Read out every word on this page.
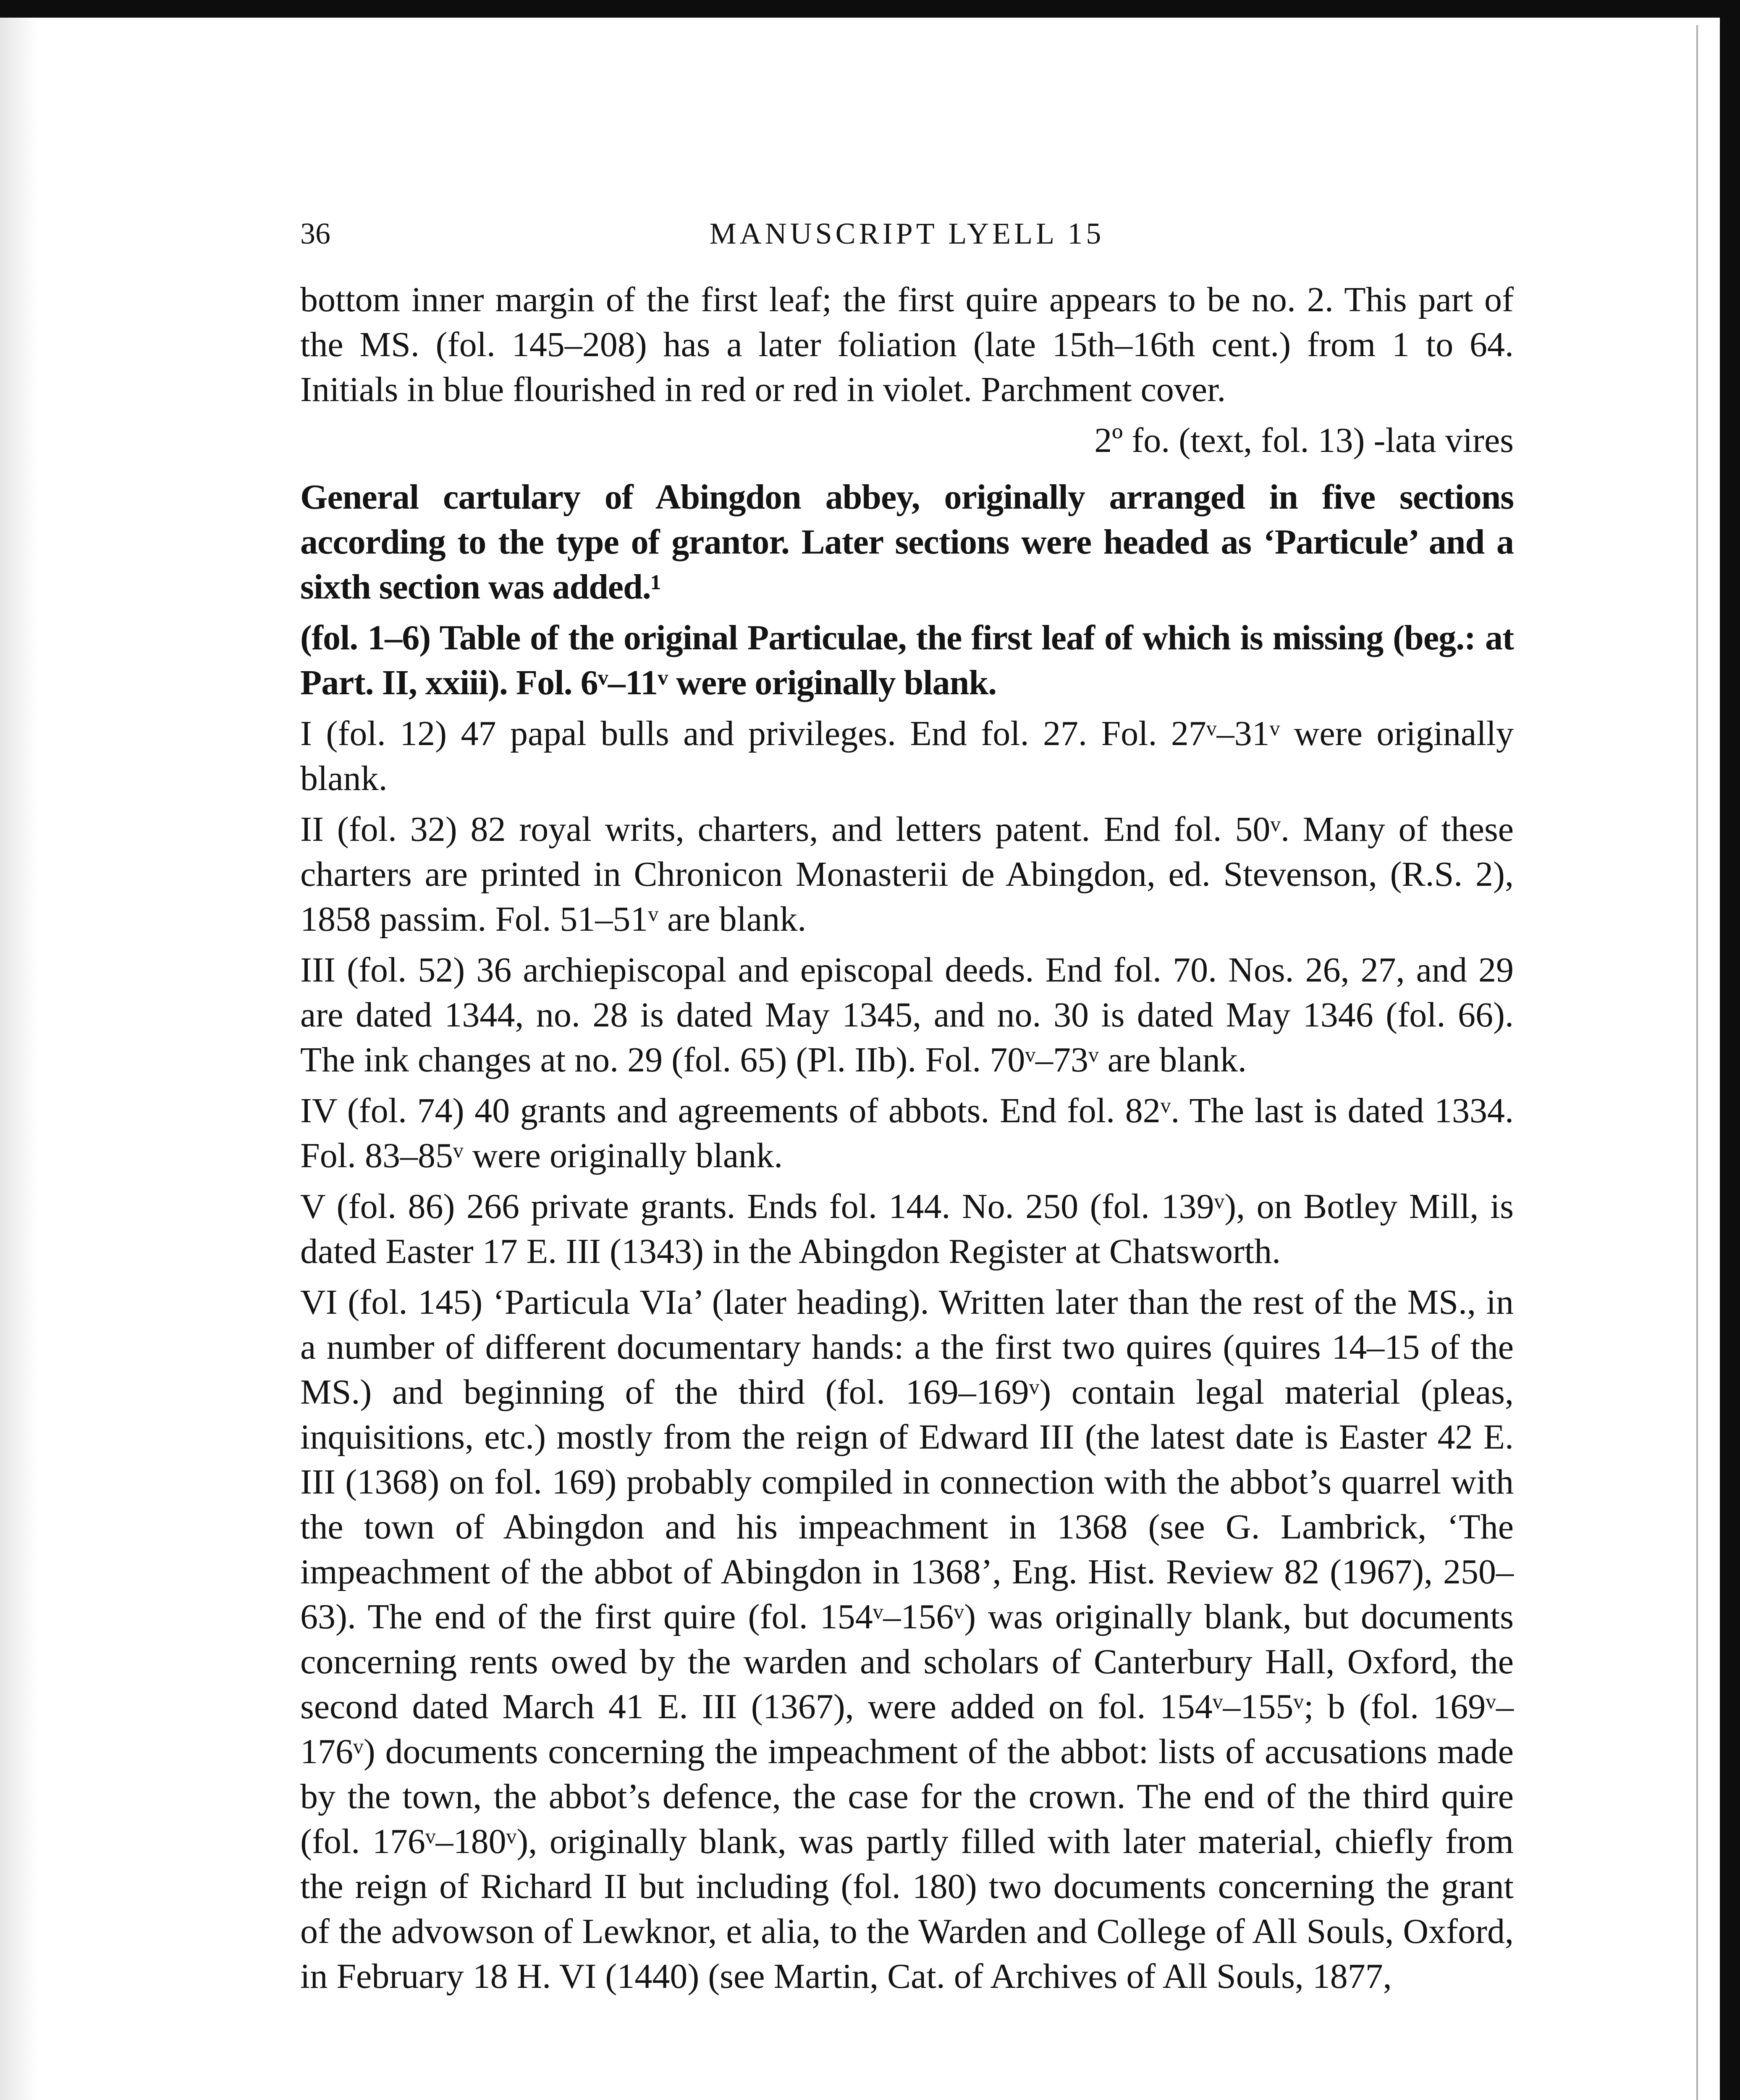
36	MANUSCRIPT LYELL 15

bottom inner margin of the first leaf; the first quire appears to be no. 2. This part of the MS. (fol. 145–208) has a later foliation (late 15th–16th cent.) from 1 to 64. Initials in blue flourished in red or red in violet. Parchment cover.

2º fo. (text, fol. 13) -lata vires

General cartulary of Abingdon abbey, originally arranged in five sections according to the type of grantor. Later sections were headed as ‘Particule’ and a sixth section was added.¹

(fol. 1–6) Table of the original Particulae, the first leaf of which is missing (beg.: at Part. II, xxiii). Fol. 6ᵛ–11ᵛ were originally blank.

I (fol. 12) 47 papal bulls and privileges. End fol. 27. Fol. 27ᵛ–31ᵛ were originally blank.

II (fol. 32) 82 royal writs, charters, and letters patent. End fol. 50ᵛ. Many of these charters are printed in Chronicon Monasterii de Abingdon, ed. Stevenson, (R.S. 2), 1858 passim. Fol. 51–51ᵛ are blank.

III (fol. 52) 36 archiepiscopal and episcopal deeds. End fol. 70. Nos. 26, 27, and 29 are dated 1344, no. 28 is dated May 1345, and no. 30 is dated May 1346 (fol. 66). The ink changes at no. 29 (fol. 65) (Pl. IIb). Fol. 70ᵛ–73ᵛ are blank.

IV (fol. 74) 40 grants and agreements of abbots. End fol. 82ᵛ. The last is dated 1334. Fol. 83–85ᵛ were originally blank.

V (fol. 86) 266 private grants. Ends fol. 144. No. 250 (fol. 139ᵛ), on Botley Mill, is dated Easter 17 E. III (1343) in the Abingdon Register at Chatsworth.

VI (fol. 145) ‘Particula VIa’ (later heading). Written later than the rest of the MS., in a number of different documentary hands: a the first two quires (quires 14–15 of the MS.) and beginning of the third (fol. 169–169ᵛ) contain legal material (pleas, inquisitions, etc.) mostly from the reign of Edward III (the latest date is Easter 42 E. III (1368) on fol. 169) probably compiled in connection with the abbot’s quarrel with the town of Abingdon and his impeachment in 1368 (see G. Lambrick, ‘The impeachment of the abbot of Abingdon in 1368’, Eng. Hist. Review 82 (1967), 250–63). The end of the first quire (fol. 154ᵛ–156ᵛ) was originally blank, but documents concerning rents owed by the warden and scholars of Canterbury Hall, Oxford, the second dated March 41 E. III (1367), were added on fol. 154ᵛ–155ᵛ; b (fol. 169ᵛ–176ᵛ) documents concerning the impeachment of the abbot: lists of accusations made by the town, the abbot’s defence, the case for the crown. The end of the third quire (fol. 176ᵛ–180ᵛ), originally blank, was partly filled with later material, chiefly from the reign of Richard II but including (fol. 180) two documents concerning the grant of the advowson of Lewknor, et alia, to the Warden and College of All Souls, Oxford, in February 18 H. VI (1440) (see Martin, Cat. of Archives of All Souls, 1877,
